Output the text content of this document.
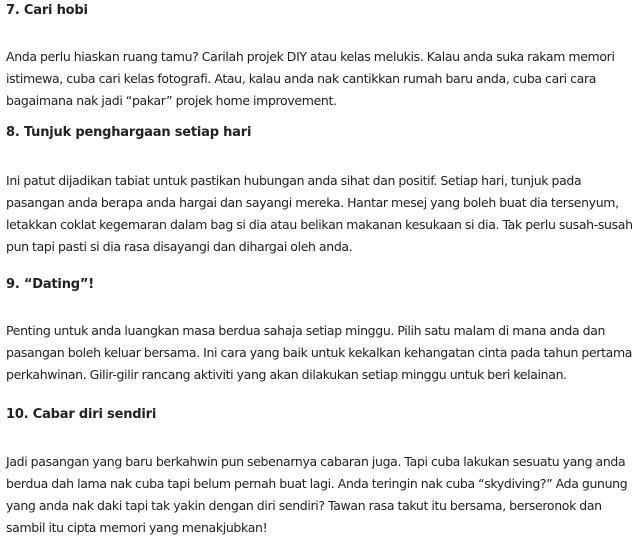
7. Cari hobi

Anda perlu hiaskan ruang tamu? Carilah projek DIY atau kelas melukis. Kalau anda suka rakam memori istimewa, cuba cari kelas fotografi. Atau, kalau anda nak cantikkan rumah baru anda, cuba cari cara bagaimana nak jadi “pakar” projek home improvement.

8. Tunjuk penghargaan setiap hari

Ini patut dijadikan tabiat untuk pastikan hubungan anda sihat dan positif. Setiap hari, tunjuk pada pasangan anda berapa anda hargai dan sayangi mereka. Hantar mesej yang boleh buat dia tersenyum, letakkan coklat kegemaran dalam bag si dia atau belikan makanan kesukaan si dia. Tak perlu susah-susah pun tapi pasti si dia rasa disayangi dan dihargai oleh anda.

9. “Dating”!

Penting untuk anda luangkan masa berdua sahaja setiap minggu. Pilih satu malam di mana anda dan pasangan boleh keluar bersama. Ini cara yang baik untuk kekalkan kehangatan cinta pada tahun pertama perkahwinan. Gilir-gilir rancang aktiviti yang akan dilakukan setiap minggu untuk beri kelainan.

10. Cabar diri sendiri

Jadi pasangan yang baru berkahwin pun sebenarnya cabaran juga. Tapi cuba lakukan sesuatu yang anda berdua dah lama nak cuba tapi belum pernah buat lagi. Anda teringin nak cuba “skydiving?” Ada gunung yang anda nak daki tapi tak yakin dengan diri sendiri? Tawan rasa takut itu bersama, berseronok dan sambil itu cipta memori yang menakjubkan!
